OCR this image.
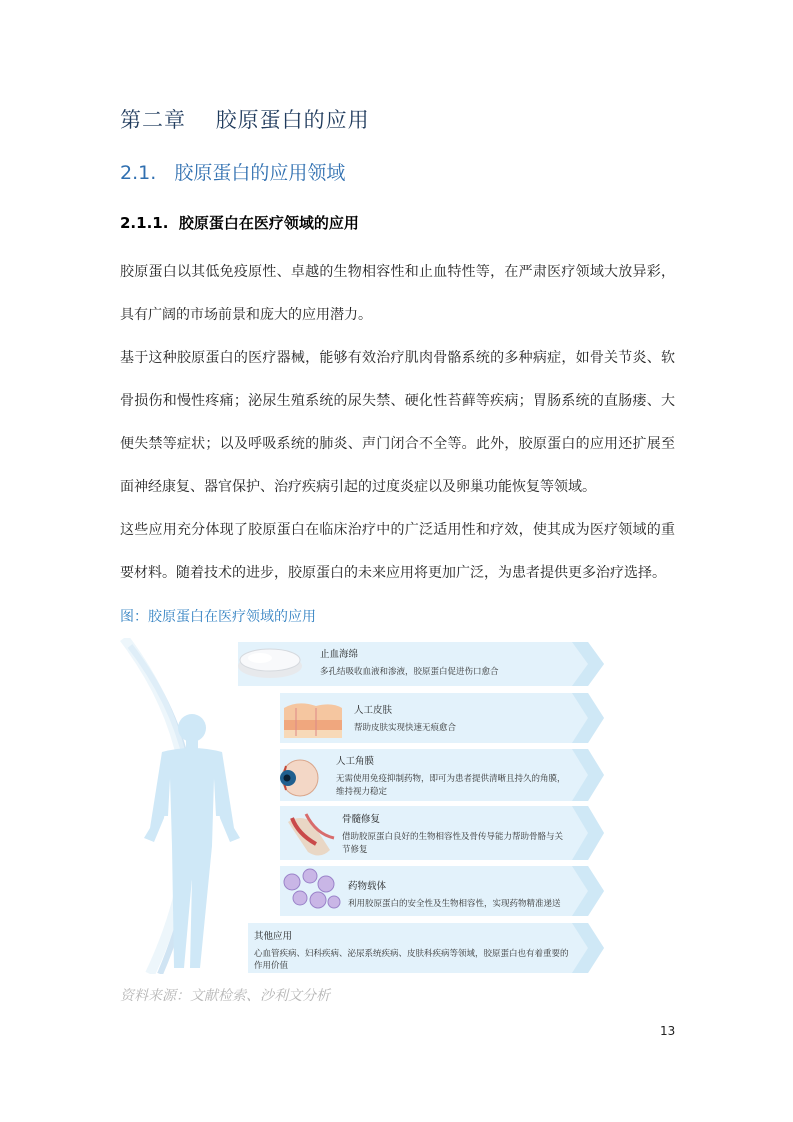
第二章　 胶原蛋白的应用
2.1.   胶原蛋白的应用领域
2.1.1.  胶原蛋白在医疗领域的应用
胶原蛋白以其低免疫原性、卓越的生物相容性和止血特性等，在严肃医疗领域大放异彩，具有广阔的市场前景和庞大的应用潜力。
基于这种胶原蛋白的医疗器械，能够有效治疗肌肉骨骼系统的多种病症，如骨关节炎、软骨损伤和慢性疼痛；泌尿生殖系统的尿失禁、硬化性苔藓等疾病；胃肠系统的直肠瘘、大便失禁等症状；以及呼吸系统的肺炎、声门闭合不全等。此外，胶原蛋白的应用还扩展至面神经康复、器官保护、治疗疾病引起的过度炎症以及卵巢功能恢复等领域。
这些应用充分体现了胶原蛋白在临床治疗中的广泛适用性和疗效，使其成为医疗领域的重要材料。随着技术的进步，胶原蛋白的未来应用将更加广泛，为患者提供更多治疗选择。
图：胶原蛋白在医疗领域的应用
止血海绵
多孔结吸收血液和渗液，胶原蛋白促进伤口愈合
人工皮肤
帮助皮肤实现快速无痕愈合
人工角膜
无需使用免疫抑制药物，即可为患者提供清晰且持久的角膜，
维持视力稳定
骨髓修复
借助胶原蛋白良好的生物相容性及骨传导能力帮助骨骼与关
节修复
药物载体
利用胶原蛋白的安全性及生物相容性，实现药物精准递送
其他应用
心血管疾病、妇科疾病、泌尿系统疾病、皮肤科疾病等领域，胶原蛋白也有着重要的
作用价值
资料来源：文献检索、沙利文分析
13
